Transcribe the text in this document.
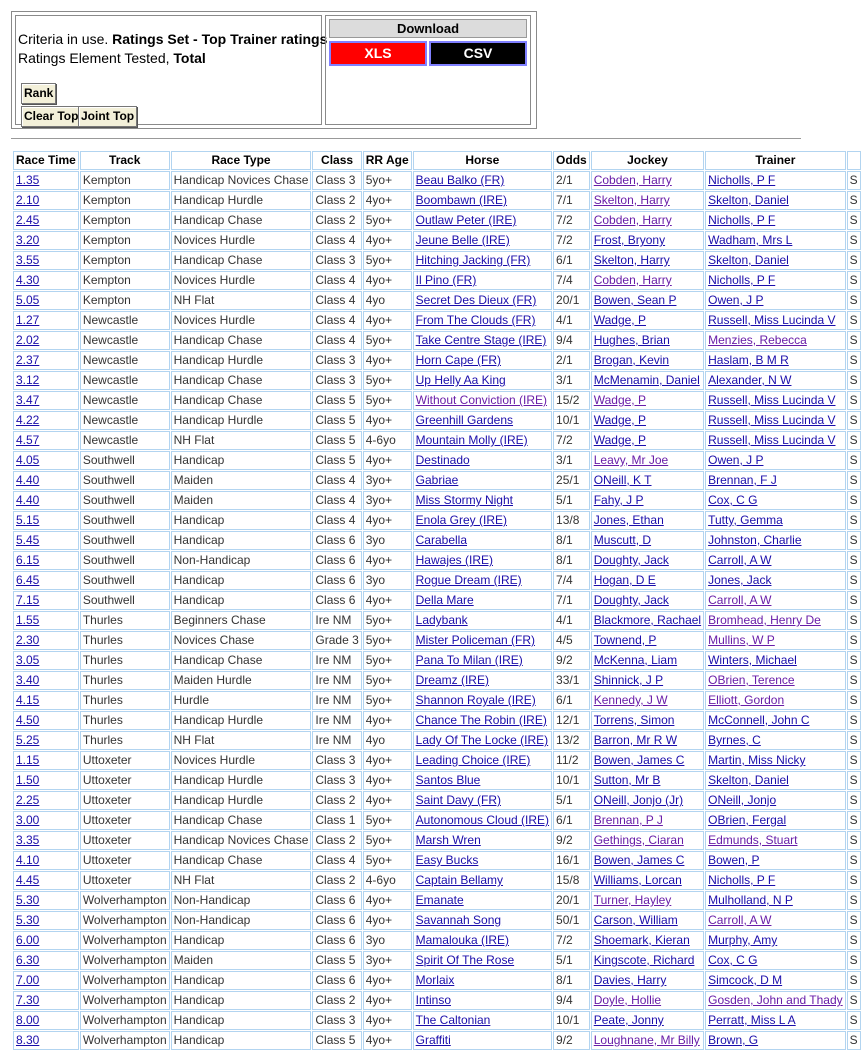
Criteria in use. Ratings Set - Top Trainer ratings
Ratings Element Tested, Total
Rank
Clear Top Joint Top
Download
XLS	CSV
Race Time	Track	Race Type	Class	RR Age	Horse	Odds	Jockey	Trainer	
1.35	Kempton	Handicap Novices Chase	Class 3	5yo+	Beau Balko (FR)	2/1	Cobden, Harry	Nicholls, P F	S
2.10	Kempton	Handicap Hurdle	Class 2	4yo+	Boombawn (IRE)	7/1	Skelton, Harry	Skelton, Daniel	S
2.45	Kempton	Handicap Chase	Class 2	5yo+	Outlaw Peter (IRE)	7/2	Cobden, Harry	Nicholls, P F	S
3.20	Kempton	Novices Hurdle	Class 4	4yo+	Jeune Belle (IRE)	7/2	Frost, Bryony	Wadham, Mrs L	S
3.55	Kempton	Handicap Chase	Class 3	5yo+	Hitching Jacking (FR)	6/1	Skelton, Harry	Skelton, Daniel	S
4.30	Kempton	Novices Hurdle	Class 4	4yo+	Il Pino (FR)	7/4	Cobden, Harry	Nicholls, P F	S
5.05	Kempton	NH Flat	Class 4	4yo	Secret Des Dieux (FR)	20/1	Bowen, Sean P	Owen, J P	S
1.27	Newcastle	Novices Hurdle	Class 4	4yo+	From The Clouds (FR)	4/1	Wadge, P	Russell, Miss Lucinda V	S
2.02	Newcastle	Handicap Chase	Class 4	5yo+	Take Centre Stage (IRE)	9/4	Hughes, Brian	Menzies, Rebecca	S
2.37	Newcastle	Handicap Hurdle	Class 3	4yo+	Horn Cape (FR)	2/1	Brogan, Kevin	Haslam, B M R	S
3.12	Newcastle	Handicap Chase	Class 3	5yo+	Up Helly Aa King	3/1	McMenamin, Daniel	Alexander, N W	S
3.47	Newcastle	Handicap Chase	Class 5	5yo+	Without Conviction (IRE)	15/2	Wadge, P	Russell, Miss Lucinda V	S
4.22	Newcastle	Handicap Hurdle	Class 5	4yo+	Greenhill Gardens	10/1	Wadge, P	Russell, Miss Lucinda V	S
4.57	Newcastle	NH Flat	Class 5	4-6yo	Mountain Molly (IRE)	7/2	Wadge, P	Russell, Miss Lucinda V	S
4.05	Southwell	Handicap	Class 5	4yo+	Destinado	3/1	Leavy, Mr Joe	Owen, J P	S
4.40	Southwell	Maiden	Class 4	3yo+	Gabriae	25/1	ONeill, K T	Brennan, F J	S
4.40	Southwell	Maiden	Class 4	3yo+	Miss Stormy Night	5/1	Fahy, J P	Cox, C G	S
5.15	Southwell	Handicap	Class 4	4yo+	Enola Grey (IRE)	13/8	Jones, Ethan	Tutty, Gemma	S
5.45	Southwell	Handicap	Class 6	3yo	Carabella	8/1	Muscutt, D	Johnston, Charlie	S
6.15	Southwell	Non-Handicap	Class 6	4yo+	Hawajes (IRE)	8/1	Doughty, Jack	Carroll, A W	S
6.45	Southwell	Handicap	Class 6	3yo	Rogue Dream (IRE)	7/4	Hogan, D E	Jones, Jack	S
7.15	Southwell	Handicap	Class 6	4yo+	Della Mare	7/1	Doughty, Jack	Carroll, A W	S
1.55	Thurles	Beginners Chase	Ire NM	5yo+	Ladybank	4/1	Blackmore, Rachael	Bromhead, Henry De	S
2.30	Thurles	Novices Chase	Grade 3	5yo+	Mister Policeman (FR)	4/5	Townend, P	Mullins, W P	S
3.05	Thurles	Handicap Chase	Ire NM	5yo+	Pana To Milan (IRE)	9/2	McKenna, Liam	Winters, Michael	S
3.40	Thurles	Maiden Hurdle	Ire NM	5yo+	Dreamz (IRE)	33/1	Shinnick, J P	OBrien, Terence	S
4.15	Thurles	Hurdle	Ire NM	5yo+	Shannon Royale (IRE)	6/1	Kennedy, J W	Elliott, Gordon	S
4.50	Thurles	Handicap Hurdle	Ire NM	4yo+	Chance The Robin (IRE)	12/1	Torrens, Simon	McConnell, John C	S
5.25	Thurles	NH Flat	Ire NM	4yo	Lady Of The Locke (IRE)	13/2	Barron, Mr R W	Byrnes, C	S
1.15	Uttoxeter	Novices Hurdle	Class 3	4yo+	Leading Choice (IRE)	11/2	Bowen, James C	Martin, Miss Nicky	S
1.50	Uttoxeter	Handicap Hurdle	Class 3	4yo+	Santos Blue	10/1	Sutton, Mr B	Skelton, Daniel	S
2.25	Uttoxeter	Handicap Hurdle	Class 2	4yo+	Saint Davy (FR)	5/1	ONeill, Jonjo (Jr)	ONeill, Jonjo	S
3.00	Uttoxeter	Handicap Chase	Class 1	5yo+	Autonomous Cloud (IRE)	6/1	Brennan, P J	OBrien, Fergal	S
3.35	Uttoxeter	Handicap Novices Chase	Class 2	5yo+	Marsh Wren	9/2	Gethings, Ciaran	Edmunds, Stuart	S
4.10	Uttoxeter	Handicap Chase	Class 4	5yo+	Easy Bucks	16/1	Bowen, James C	Bowen, P	S
4.45	Uttoxeter	NH Flat	Class 2	4-6yo	Captain Bellamy	15/8	Williams, Lorcan	Nicholls, P F	S
5.30	Wolverhampton	Non-Handicap	Class 6	4yo+	Emanate	20/1	Turner, Hayley	Mulholland, N P	S
5.30	Wolverhampton	Non-Handicap	Class 6	4yo+	Savannah Song	50/1	Carson, William	Carroll, A W	S
6.00	Wolverhampton	Handicap	Class 6	3yo	Mamalouka (IRE)	7/2	Shoemark, Kieran	Murphy, Amy	S
6.30	Wolverhampton	Maiden	Class 5	3yo+	Spirit Of The Rose	5/1	Kingscote, Richard	Cox, C G	S
7.00	Wolverhampton	Handicap	Class 6	4yo+	Morlaix	8/1	Davies, Harry	Simcock, D M	S
7.30	Wolverhampton	Handicap	Class 2	4yo+	Intinso	9/4	Doyle, Hollie	Gosden, John and Thady	S
8.00	Wolverhampton	Handicap	Class 3	4yo+	The Caltonian	10/1	Peate, Jonny	Perratt, Miss L A	S
8.30	Wolverhampton	Handicap	Class 5	4yo+	Graffiti	9/2	Loughnane, Mr Billy	Brown, G	S
